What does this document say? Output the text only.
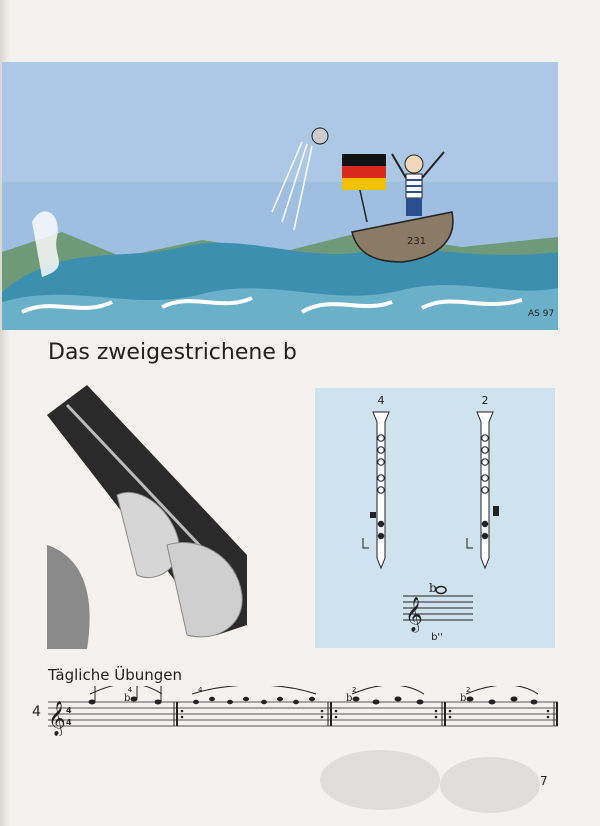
231
AS 97
Das zweigestrichene b
4	2
𝄞
b
b''
Tägliche Übungen
4 𝄞 4
4
b
4	4
b
2
b
2
7
